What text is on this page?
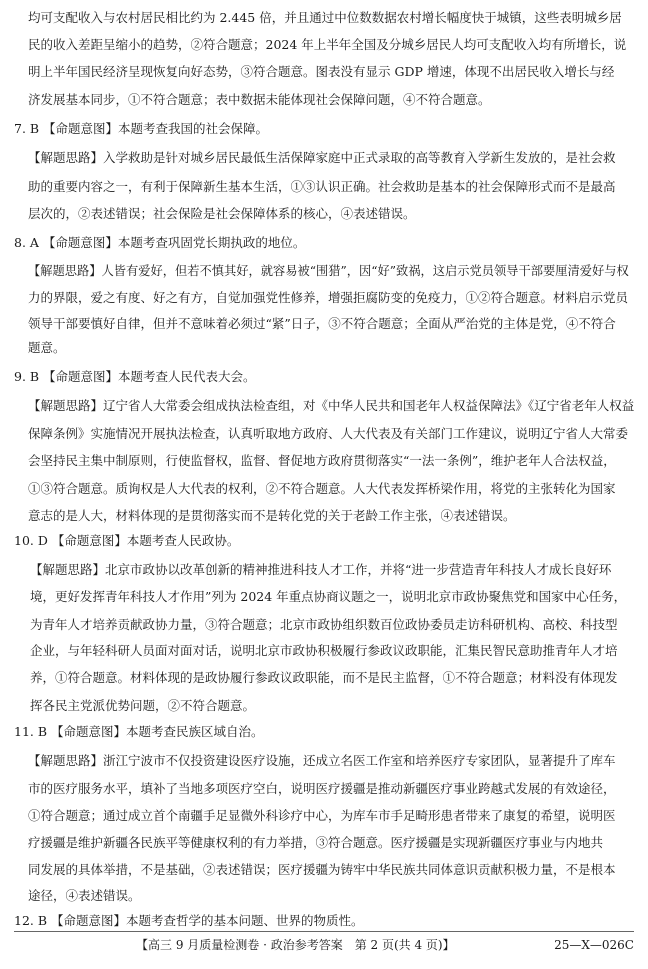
均可支配收入与农村居民相比约为 2.445 倍，并且通过中位数数据农村增长幅度快于城镇，这些表明城乡居
民的收入差距呈缩小的趋势，②符合题意；2024 年上半年全国及分城乡居民人均可支配收入均有所增长，说
明上半年国民经济呈现恢复向好态势，③符合题意。图表没有显示 GDP 增速，体现不出居民收入增长与经
济发展基本同步，①不符合题意；表中数据未能体现社会保障问题，④不符合题意。
7. B 【命题意图】本题考查我国的社会保障。
【解题思路】入学救助是针对城乡居民最低生活保障家庭中正式录取的高等教育入学新生发放的，是社会救
助的重要内容之一，有利于保障新生基本生活，①③认识正确。社会救助是基本的社会保障形式而不是最高
层次的，②表述错误；社会保险是社会保障体系的核心，④表述错误。
8. A 【命题意图】本题考查巩固党长期执政的地位。
【解题思路】人皆有爱好，但若不慎其好，就容易被“围猎”，因“好”致祸，这启示党员领导干部要厘清爱好与权
力的界限，爱之有度、好之有方，自觉加强党性修养，增强拒腐防变的免疫力，①②符合题意。材料启示党员
领导干部要慎好自律，但并不意味着必须过“紧”日子，③不符合题意；全面从严治党的主体是党，④不符合
题意。
9. B 【命题意图】本题考查人民代表大会。
【解题思路】辽宁省人大常委会组成执法检查组，对《中华人民共和国老年人权益保障法》《辽宁省老年人权益
保障条例》实施情况开展执法检查，认真听取地方政府、人大代表及有关部门工作建议，说明辽宁省人大常委
会坚持民主集中制原则，行使监督权，监督、督促地方政府贯彻落实“一法一条例”，维护老年人合法权益，
①③符合题意。质询权是人大代表的权利，②不符合题意。人大代表发挥桥梁作用，将党的主张转化为国家
意志的是人大，材料体现的是贯彻落实而不是转化党的关于老龄工作主张，④表述错误。
10. D 【命题意图】本题考查人民政协。
【解题思路】北京市政协以改革创新的精神推进科技人才工作，并将“进一步营造青年科技人才成长良好环
境，更好发挥青年科技人才作用”列为 2024 年重点协商议题之一，说明北京市政协聚焦党和国家中心任务，
为青年人才培养贡献政协力量，③符合题意；北京市政协组织数百位政协委员走访科研机构、高校、科技型
企业，与年轻科研人员面对面对话，说明北京市政协积极履行参政议政职能，汇集民智民意助推青年人才培
养，①符合题意。材料体现的是政协履行参政议政职能，而不是民主监督，①不符合题意；材料没有体现发
挥各民主党派优势问题，②不符合题意。
11. B 【命题意图】本题考查民族区域自治。
【解题思路】浙江宁波市不仅投资建设医疗设施，还成立名医工作室和培养医疗专家团队，显著提升了库车
市的医疗服务水平，填补了当地多项医疗空白，说明医疗援疆是推动新疆医疗事业跨越式发展的有效途径，
①符合题意；通过成立首个南疆手足显微外科诊疗中心，为库车市手足畸形患者带来了康复的希望，说明医
疗援疆是维护新疆各民族平等健康权利的有力举措，③符合题意。医疗援疆是实现新疆医疗事业与内地共
同发展的具体举措，不是基础，②表述错误；医疗援疆为铸牢中华民族共同体意识贡献积极力量，不是根本
途径，④表述错误。
12. B 【命题意图】本题考查哲学的基本问题、世界的物质性。
【高三 9 月质量检测卷 · 政治参考答案　第 2 页(共 4 页)】	25—X—026C
